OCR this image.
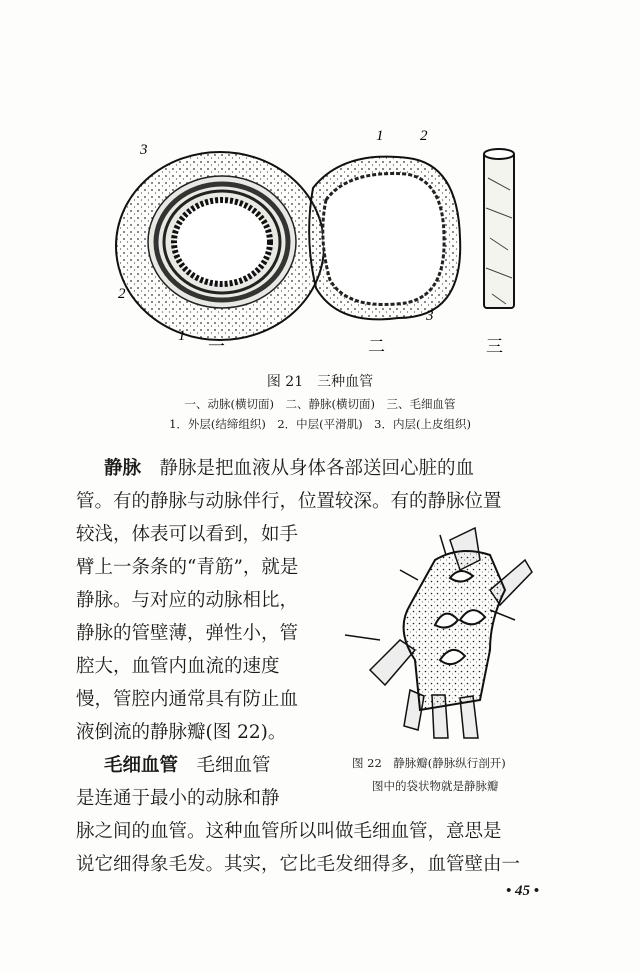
3
2
1
1 2
3
一	二	三
图 21　三种血管
一、动脉(横切面)　二、静脉(横切面)　三、毛细血管
1．外层(结缔组织)　2．中层(平滑肌)　3．内层(上皮组织)
静脉　静脉是把血液从身体各部送回心脏的血
管。有的静脉与动脉伴行，位置较深。有的静脉位置
较浅，体表可以看到，如手
臂上一条条的“青筋”，就是
静脉。与对应的动脉相比，
静脉的管壁薄，弹性小，管
腔大，血管内血流的速度
慢，管腔内通常具有防止血
液倒流的静脉瓣(图 22)。
毛细血管　毛细血管
是连通于最小的动脉和静
脉之间的血管。这种血管所以叫做毛细血管，意思是
说它细得象毛发。其实，它比毛发细得多，血管壁由一
图 22　静脉瓣(静脉纵行剖开)
图中的袋状物就是静脉瓣
• 45 •
